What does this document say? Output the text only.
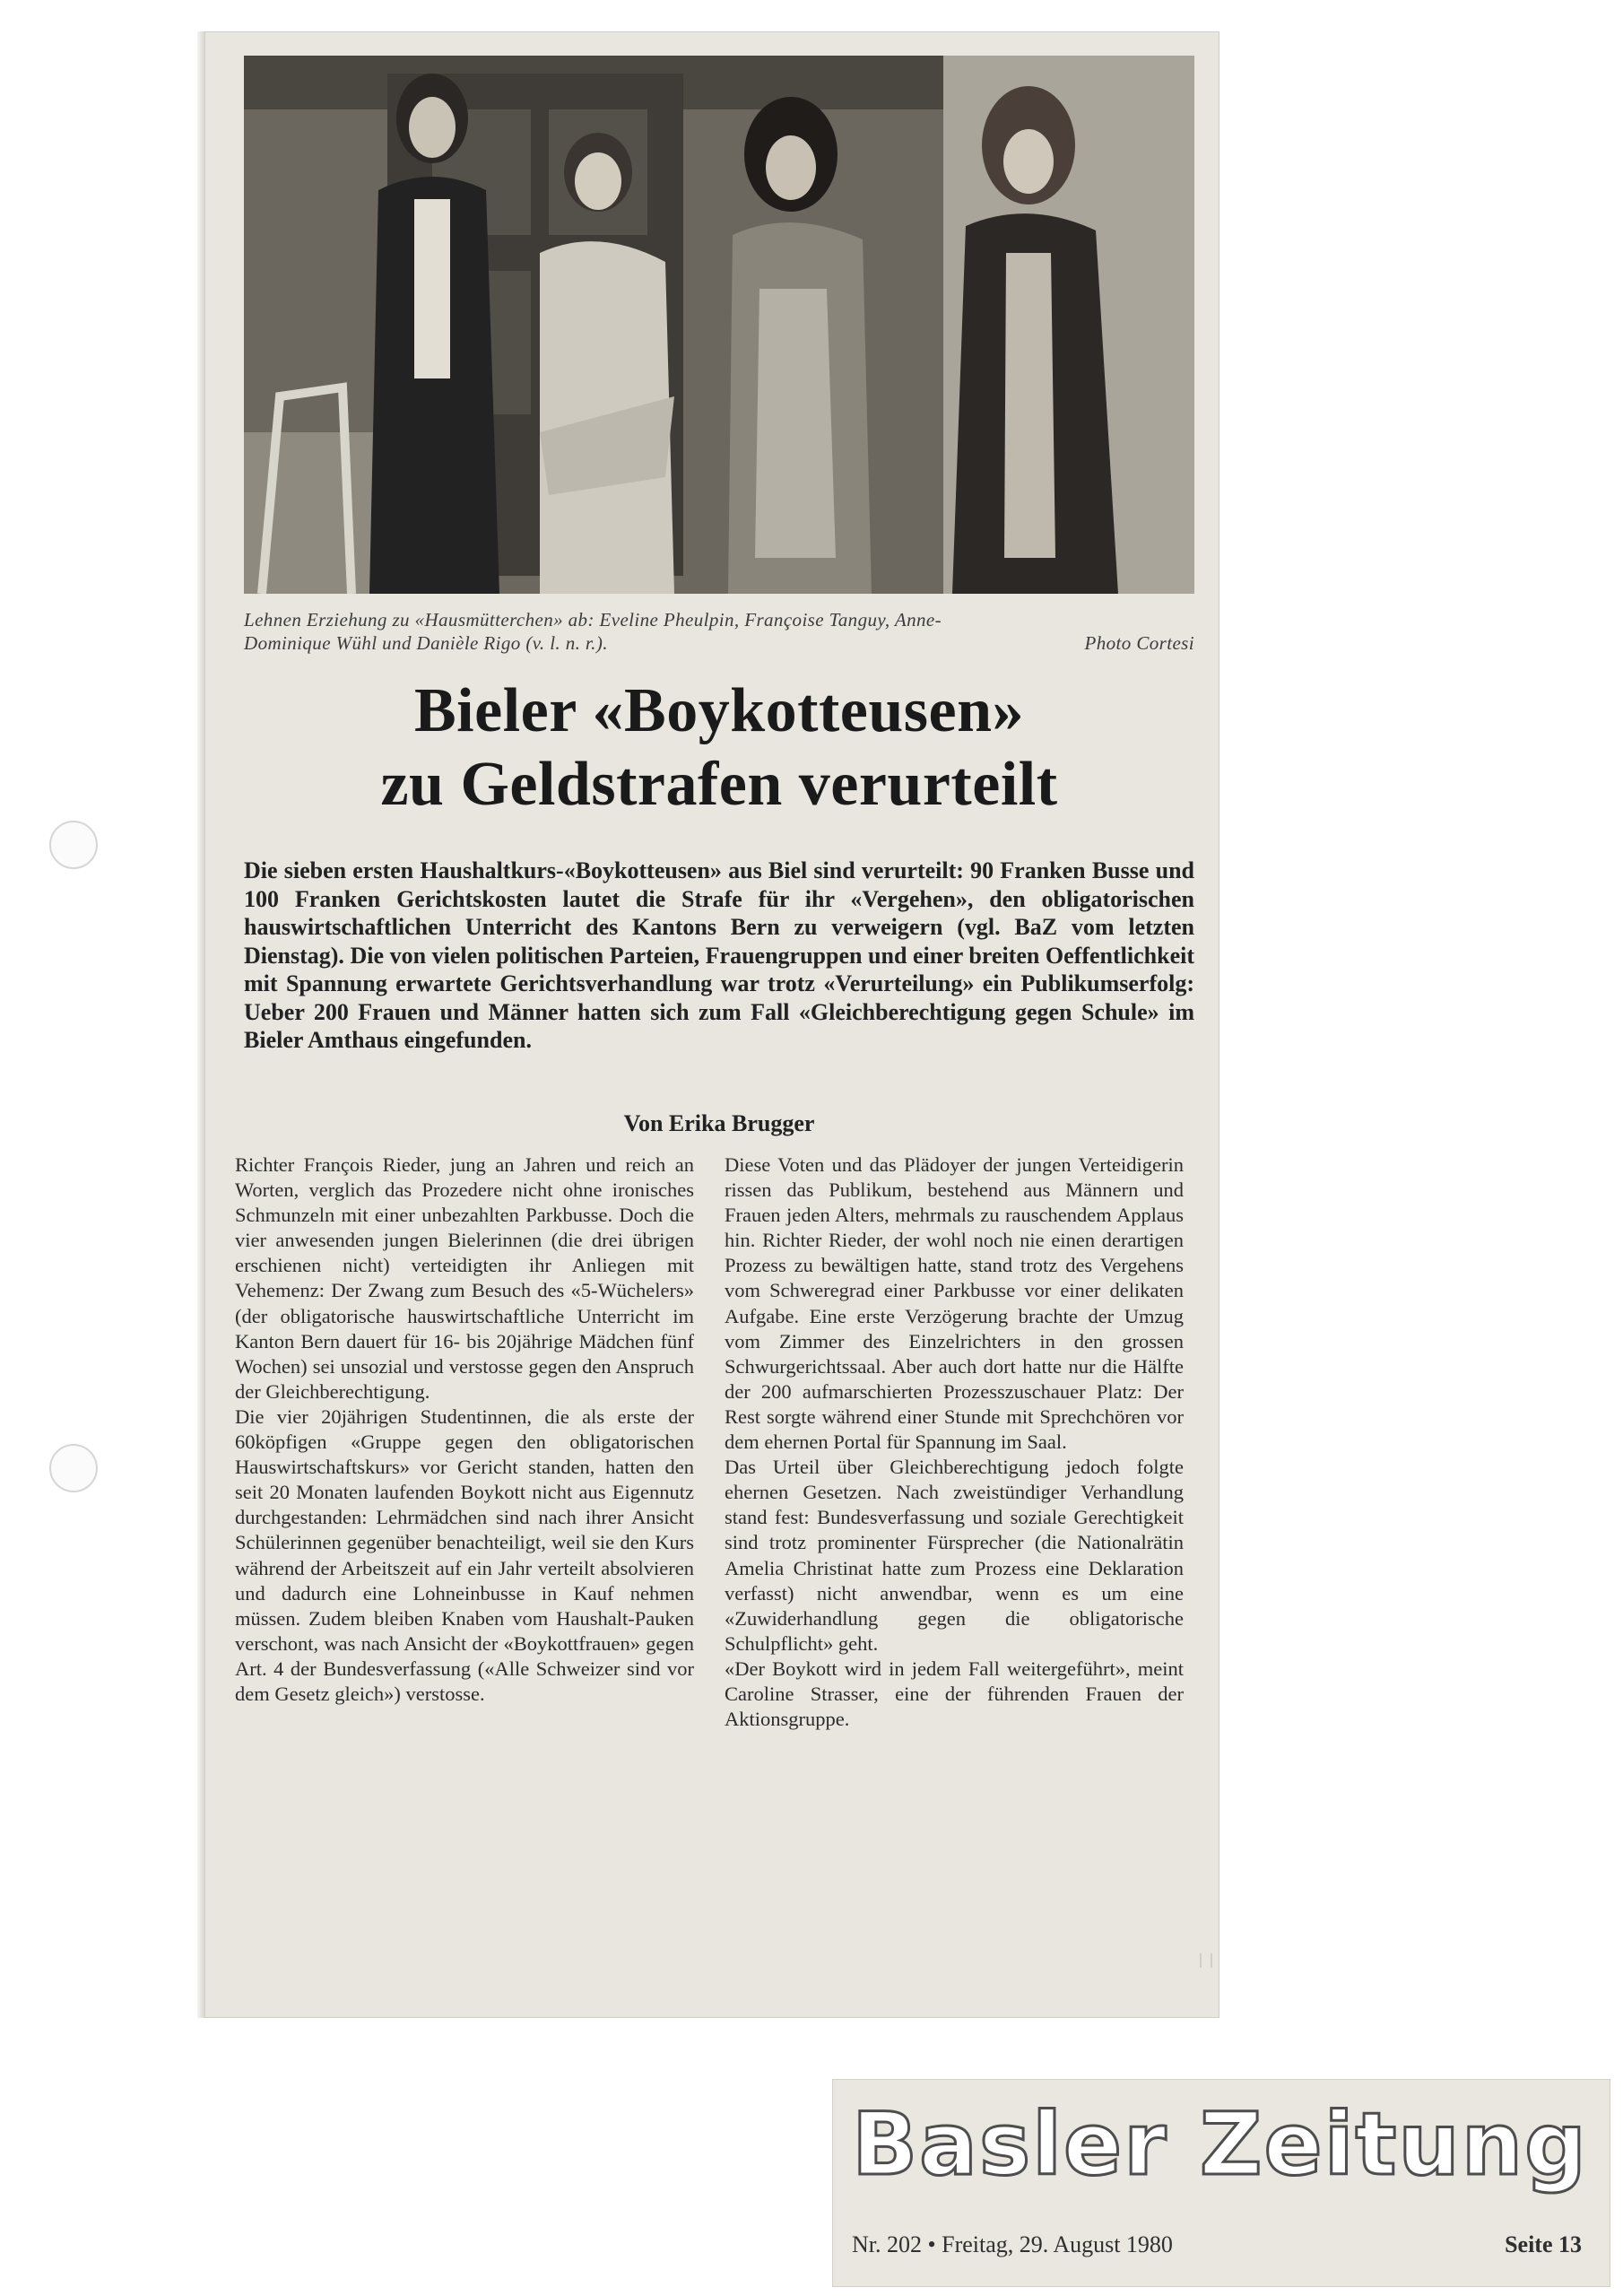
Lehnen Erziehung zu «Hausmütterchen» ab: Eveline Pheulpin, Françoise Tanguy, Anne-
Dominique Wühl und Danièle Rigo (v. l. n. r.).	Photo Cortesi
Bieler «Boykotteusen»
zu Geldstrafen verurteilt
Die sieben ersten Haushaltkurs-«Boykotteusen» aus Biel sind verurteilt: 90 Franken Busse und 100 Franken Gerichtskosten lautet die Strafe für ihr «Vergehen», den obligatorischen hauswirtschaftlichen Unterricht des Kantons Bern zu verweigern (vgl. BaZ vom letzten Dienstag). Die von vielen politischen Parteien, Frauengruppen und einer breiten Oeffentlichkeit mit Spannung erwartete Gerichtsverhandlung war trotz «Verurteilung» ein Publikumserfolg: Ueber 200 Frauen und Männer hatten sich zum Fall «Gleichberechtigung gegen Schule» im Bieler Amthaus eingefunden.
Von Erika Brugger

Richter François Rieder, jung an Jahren und reich an Worten, verglich das Prozedere nicht ohne ironisches Schmunzeln mit einer unbezahlten Parkbusse. Doch die vier anwesenden jungen Bielerinnen (die drei übrigen erschienen nicht) verteidigten ihr Anliegen mit Vehemenz: Der Zwang zum Besuch des «5-Wüchelers» (der obligatorische hauswirtschaftliche Unterricht im Kanton Bern dauert für 16- bis 20jährige Mädchen fünf Wochen) sei unsozial und verstosse gegen den Anspruch der Gleichberechtigung.

Die vier 20jährigen Studentinnen, die als erste der 60köpfigen «Gruppe gegen den obligatorischen Hauswirtschaftskurs» vor Gericht standen, hatten den seit 20 Monaten laufenden Boykott nicht aus Eigennutz durchgestanden: Lehrmädchen sind nach ihrer Ansicht Schülerinnen gegenüber benachteiligt, weil sie den Kurs während der Arbeitszeit auf ein Jahr verteilt absolvieren und dadurch eine Lohneinbusse in Kauf nehmen müssen. Zudem bleiben Knaben vom Haushalt-Pauken verschont, was nach Ansicht der «Boykottfrauen» gegen Art. 4 der Bundesverfassung («Alle Schweizer sind vor dem Gesetz gleich») verstosse.

Diese Voten und das Plädoyer der jungen Verteidigerin rissen das Publikum, bestehend aus Männern und Frauen jeden Alters, mehrmals zu rauschendem Applaus hin. Richter Rieder, der wohl noch nie einen derartigen Prozess zu bewältigen hatte, stand trotz des Vergehens vom Schweregrad einer Parkbusse vor einer delikaten Aufgabe. Eine erste Verzögerung brachte der Umzug vom Zimmer des Einzelrichters in den grossen Schwurgerichtssaal. Aber auch dort hatte nur die Hälfte der 200 aufmarschierten Prozesszuschauer Platz: Der Rest sorgte während einer Stunde mit Sprechchören vor dem ehernen Portal für Spannung im Saal.

Das Urteil über Gleichberechtigung jedoch folgte ehernen Gesetzen. Nach zweistündiger Verhandlung stand fest: Bundesverfassung und soziale Gerechtigkeit sind trotz prominenter Fürsprecher (die Nationalrätin Amelia Christinat hatte zum Prozess eine Deklaration verfasst) nicht anwendbar, wenn es um eine «Zuwiderhandlung gegen die obligatorische Schulpflicht» geht.

«Der Boykott wird in jedem Fall weitergeführt», meint Caroline Strasser, eine der führenden Frauen der Aktionsgruppe.

Basler Zeitung
Nr. 202 • Freitag, 29. August 1980	Seite 13
